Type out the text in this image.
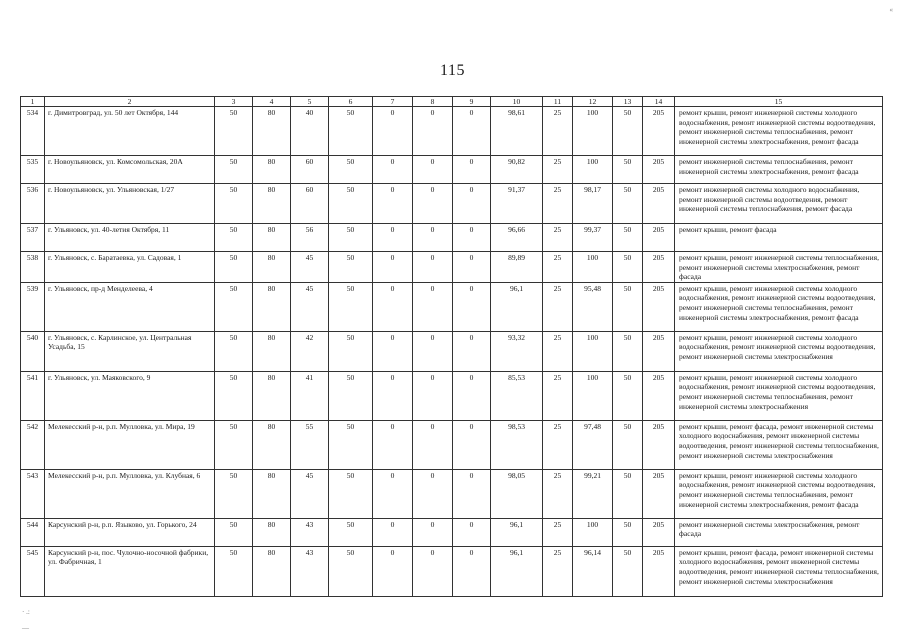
«
115
1	2	3	4	5	6	7	8	9	10	11	12	13	14	15
534	г. Димитровград, ул. 50 лет Октября, 144	50	80	40	50	0	0	0	98,61	25	100	50	205	ремонт крыши, ремонт инженерной системы холодного водоснабжения, ремонт инженерной системы водоотведения, ремонт инженерной системы теплоснабжения, ремонт инженерной системы электроснабжения, ремонт фасада
535	г. Новоульяновск, ул. Комсомольская, 20А	50	80	60	50	0	0	0	90,82	25	100	50	205	ремонт инженерной системы теплоснабжения, ремонт инженерной системы электроснабжения, ремонт фасада
536	г. Новоульяновск, ул. Ульяновская, 1/27	50	80	60	50	0	0	0	91,37	25	98,17	50	205	ремонт инженерной системы холодного водоснабжения, ремонт инженерной системы водоотведения, ремонт инженерной системы теплоснабжения, ремонт фасада
537	г. Ульяновск, ул. 40-летия Октября, 11	50	80	56	50	0	0	0	96,66	25	99,37	50	205	ремонт крыши, ремонт фасада
538	г. Ульяновск, с. Баратаевка, ул. Садовая, 1	50	80	45	50	0	0	0	89,89	25	100	50	205	ремонт крыши, ремонт инженерной системы теплоснабжения, ремонт инженерной системы электроснабжения, ремонт фасада
539	г. Ульяновск, пр-д Менделеева, 4	50	80	45	50	0	0	0	96,1	25	95,48	50	205	ремонт крыши, ремонт инженерной системы холодного водоснабжения, ремонт инженерной системы водоотведения, ремонт инженерной системы теплоснабжения, ремонт инженерной системы электроснабжения, ремонт фасада
540	г. Ульяновск, с. Карлинское, ул. Центральная Усадьба, 15	50	80	42	50	0	0	0	93,32	25	100	50	205	ремонт крыши, ремонт инженерной системы холодного водоснабжения, ремонт инженерной системы водоотведения, ремонт инженерной системы электроснабжения
541	г. Ульяновск, ул. Маяковского, 9	50	80	41	50	0	0	0	85,53	25	100	50	205	ремонт крыши, ремонт инженерной системы холодного водоснабжения, ремонт инженерной системы водоотведения, ремонт инженерной системы теплоснабжения, ремонт инженерной системы электроснабжения
542	Мелекесский р-н, р.п. Мулловка, ул. Мира, 19	50	80	55	50	0	0	0	98,53	25	97,48	50	205	ремонт крыши, ремонт фасада, ремонт инженерной системы холодного водоснабжения, ремонт инженерной системы водоотведения, ремонт инженерной системы теплоснабжения, ремонт инженерной системы электроснабжения
543	Мелекесский р-н, р.п. Мулловка, ул. Клубная, 6	50	80	45	50	0	0	0	98,05	25	99,21	50	205	ремонт крыши, ремонт инженерной системы холодного водоснабжения, ремонт инженерной системы водоотведения, ремонт инженерной системы теплоснабжения, ремонт инженерной системы электроснабжения, ремонт фасада
544	Карсунский р-н, р.п. Языково, ул. Горького, 24	50	80	43	50	0	0	0	96,1	25	100	50	205	ремонт инженерной системы электроснабжения, ремонт фасада
545	Карсунский р-н, пос. Чулочно-носочной фабрики, ул. Фабричная, 1	50	80	43	50	0	0	0	96,1	25	96,14	50	205	ремонт крыши, ремонт фасада, ремонт инженерной системы холодного водоснабжения, ремонт инженерной системы водоотведения, ремонт инженерной системы теплоснабжения, ремонт инженерной системы электроснабжения
· .:
—
